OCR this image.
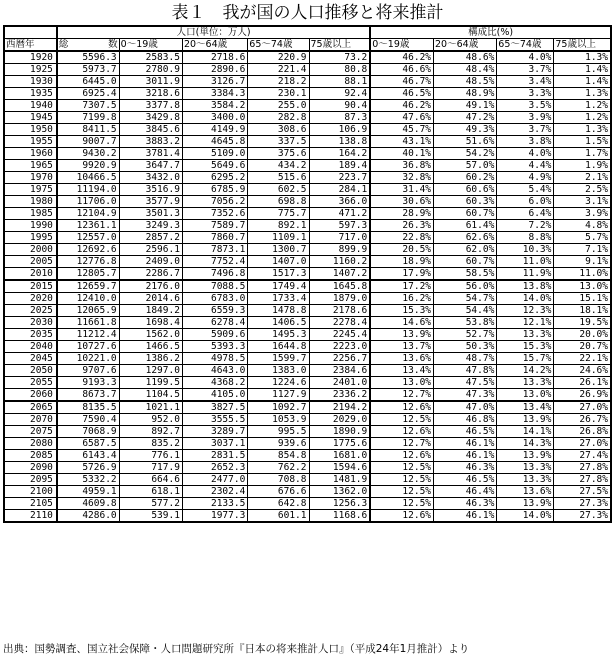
表１　我が国の人口推移と将来推計
	人口(単位：万人)					構成比(%)			
西暦年	総 数	0～19歳	20～64歳	65～74歳	75歳以上	0～19歳	20～64歳	65～74歳	75歳以上
1920	5596.3	2583.5	2718.6	220.9	73.2	46.2%	48.6%	4.0%	1.3%
1925	5973.7	2780.9	2890.6	221.4	80.8	46.6%	48.4%	3.7%	1.4%
1930	6445.0	3011.9	3126.7	218.2	88.1	46.7%	48.5%	3.4%	1.4%
1935	6925.4	3218.6	3384.3	230.1	92.4	46.5%	48.9%	3.3%	1.3%
1940	7307.5	3377.8	3584.2	255.0	90.4	46.2%	49.1%	3.5%	1.2%
1945	7199.8	3429.8	3400.0	282.8	87.3	47.6%	47.2%	3.9%	1.2%
1950	8411.5	3845.6	4149.9	308.6	106.9	45.7%	49.3%	3.7%	1.3%
1955	9007.7	3883.2	4645.8	337.5	138.8	43.1%	51.6%	3.8%	1.5%
1960	9430.2	3781.4	5109.0	375.6	164.2	40.1%	54.2%	4.0%	1.7%
1965	9920.9	3647.7	5649.6	434.2	189.4	36.8%	57.0%	4.4%	1.9%
1970	10466.5	3432.0	6295.2	515.6	223.7	32.8%	60.2%	4.9%	2.1%
1975	11194.0	3516.9	6785.9	602.5	284.1	31.4%	60.6%	5.4%	2.5%
1980	11706.0	3577.9	7056.2	698.8	366.0	30.6%	60.3%	6.0%	3.1%
1985	12104.9	3501.3	7352.6	775.7	471.2	28.9%	60.7%	6.4%	3.9%
1990	12361.1	3249.3	7589.7	892.1	597.3	26.3%	61.4%	7.2%	4.8%
1995	12557.0	2857.2	7860.7	1109.1	717.0	22.8%	62.6%	8.8%	5.7%
2000	12692.6	2596.1	7873.1	1300.7	899.9	20.5%	62.0%	10.3%	7.1%
2005	12776.8	2409.0	7752.4	1407.0	1160.2	18.9%	60.7%	11.0%	9.1%
2010	12805.7	2286.7	7496.8	1517.3	1407.2	17.9%	58.5%	11.9%	11.0%
2015	12659.7	2176.0	7088.5	1749.4	1645.8	17.2%	56.0%	13.8%	13.0%
2020	12410.0	2014.6	6783.0	1733.4	1879.0	16.2%	54.7%	14.0%	15.1%
2025	12065.9	1849.2	6559.3	1478.8	2178.6	15.3%	54.4%	12.3%	18.1%
2030	11661.8	1698.4	6278.4	1406.5	2278.4	14.6%	53.8%	12.1%	19.5%
2035	11212.4	1562.0	5909.6	1495.3	2245.4	13.9%	52.7%	13.3%	20.0%
2040	10727.6	1466.5	5393.3	1644.8	2223.0	13.7%	50.3%	15.3%	20.7%
2045	10221.0	1386.2	4978.5	1599.7	2256.7	13.6%	48.7%	15.7%	22.1%
2050	9707.6	1297.0	4643.0	1383.0	2384.6	13.4%	47.8%	14.2%	24.6%
2055	9193.3	1199.5	4368.2	1224.6	2401.0	13.0%	47.5%	13.3%	26.1%
2060	8673.7	1104.5	4105.0	1127.9	2336.2	12.7%	47.3%	13.0%	26.9%
2065	8135.5	1021.1	3827.5	1092.7	2194.2	12.6%	47.0%	13.4%	27.0%
2070	7590.4	952.0	3555.5	1053.9	2029.0	12.5%	46.8%	13.9%	26.7%
2075	7068.9	892.7	3289.7	995.5	1890.9	12.6%	46.5%	14.1%	26.8%
2080	6587.5	835.2	3037.1	939.6	1775.6	12.7%	46.1%	14.3%	27.0%
2085	6143.4	776.1	2831.5	854.8	1681.0	12.6%	46.1%	13.9%	27.4%
2090	5726.9	717.9	2652.3	762.2	1594.6	12.5%	46.3%	13.3%	27.8%
2095	5332.2	664.6	2477.0	708.8	1481.9	12.5%	46.5%	13.3%	27.8%
2100	4959.1	618.1	2302.4	676.6	1362.0	12.5%	46.4%	13.6%	27.5%
2105	4609.8	577.2	2133.5	642.8	1256.3	12.5%	46.3%	13.9%	27.3%
2110	4286.0	539.1	1977.3	601.1	1168.6	12.6%	46.1%	14.0%	27.3%
出典：国勢調査、国立社会保障・人口問題研究所『日本の将来推計人口』（平成24年1月推計）より
